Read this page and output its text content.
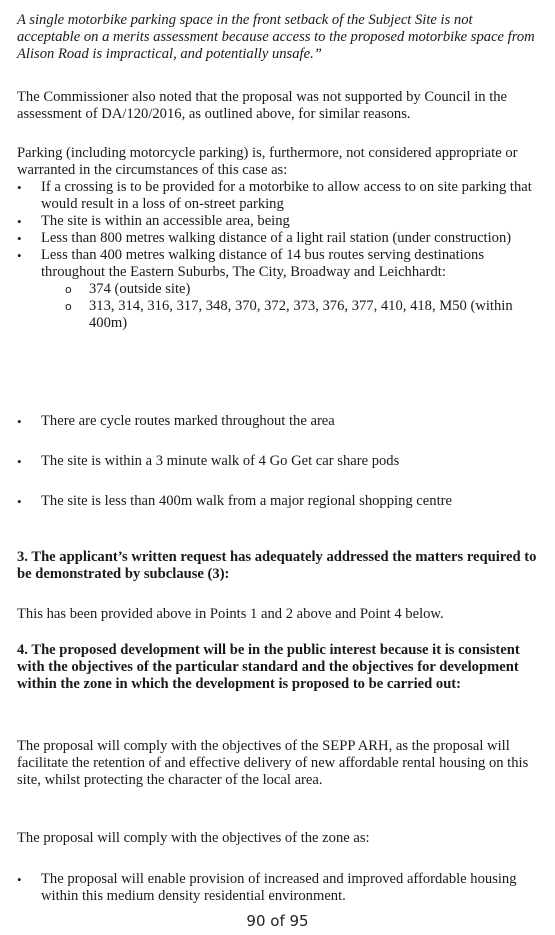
A single motorbike parking space in the front setback of the Subject Site is not acceptable on a merits assessment because access to the proposed motorbike space from Alison Road is impractical, and potentially unsafe.”

The Commissioner also noted that the proposal was not supported by Council in the assessment of DA/120/2016, as outlined above, for similar reasons.

Parking (including motorcycle parking) is, furthermore, not considered appropriate or warranted in the circumstances of this case as:

• If a crossing is to be provided for a motorbike to allow access to on site parking that would result in a loss of on-street parking
• The site is within an accessible area, being
• Less than 800 metres walking distance of a light rail station (under construction)
• Less than 400 metres walking distance of 14 bus routes serving destinations throughout the Eastern Suburbs, The City, Broadway and Leichhardt:
o 374 (outside site)
o 313, 314, 316, 317, 348, 370, 372, 373, 376, 377, 410, 418, M50 (within 400m)
• There are cycle routes marked throughout the area
• The site is within a 3 minute walk of 4 Go Get car share pods
• The site is less than 400m walk from a major regional shopping centre

3. The applicant’s written request has adequately addressed the matters required to be demonstrated by subclause (3):

This has been provided above in Points 1 and 2 above and Point 4 below.

4. The proposed development will be in the public interest because it is consistent with the objectives of the particular standard and the objectives for development within the zone in which the development is proposed to be carried out:

The proposal will comply with the objectives of the SEPP ARH, as the proposal will facilitate the retention of and effective delivery of new affordable rental housing on this site, whilst protecting the character of the local area.

The proposal will comply with the objectives of the zone as:

• The proposal will enable provision of increased and improved affordable housing within this medium density residential environment.
90 of 95
